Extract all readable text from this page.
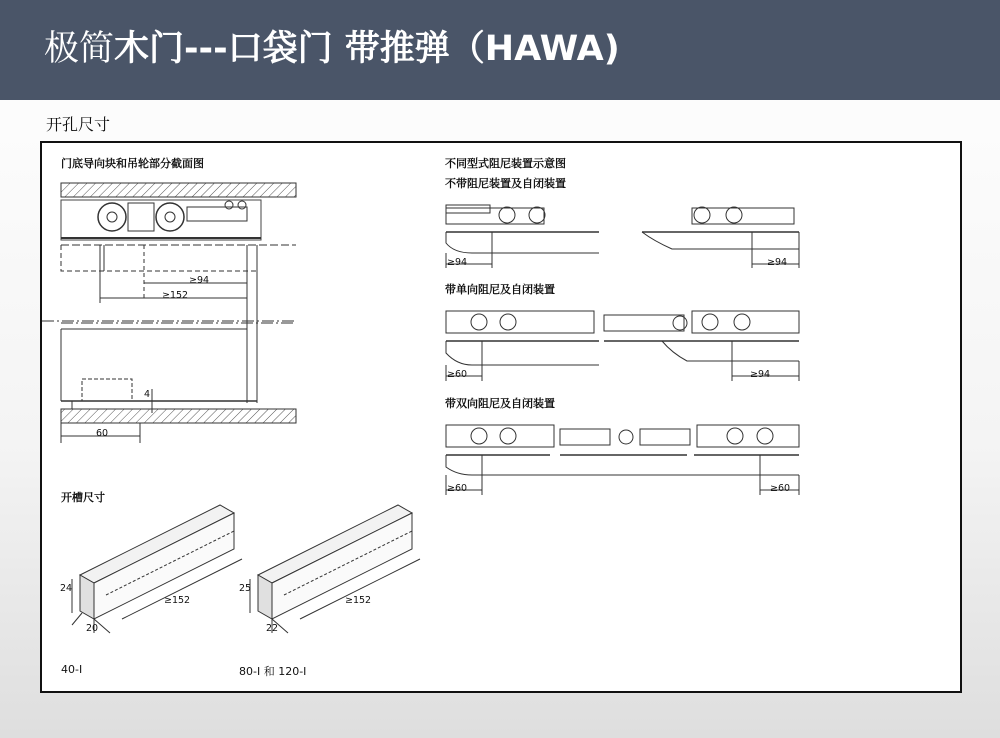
极简木门---口袋门 带推弹（HAWA)
开孔尺寸
门底导向块和吊轮部分截面图
≥94
≥152
4
60
不同型式阻尼装置示意图
不带阻尼装置及自闭装置
≥94	≥94
带单向阻尼及自闭装置
≥60	≥94
带双向阻尼及自闭装置
≥60	≥60
开槽尺寸
24
20
≥152
40-I
25
22
≥152
80-I 和 120-I
